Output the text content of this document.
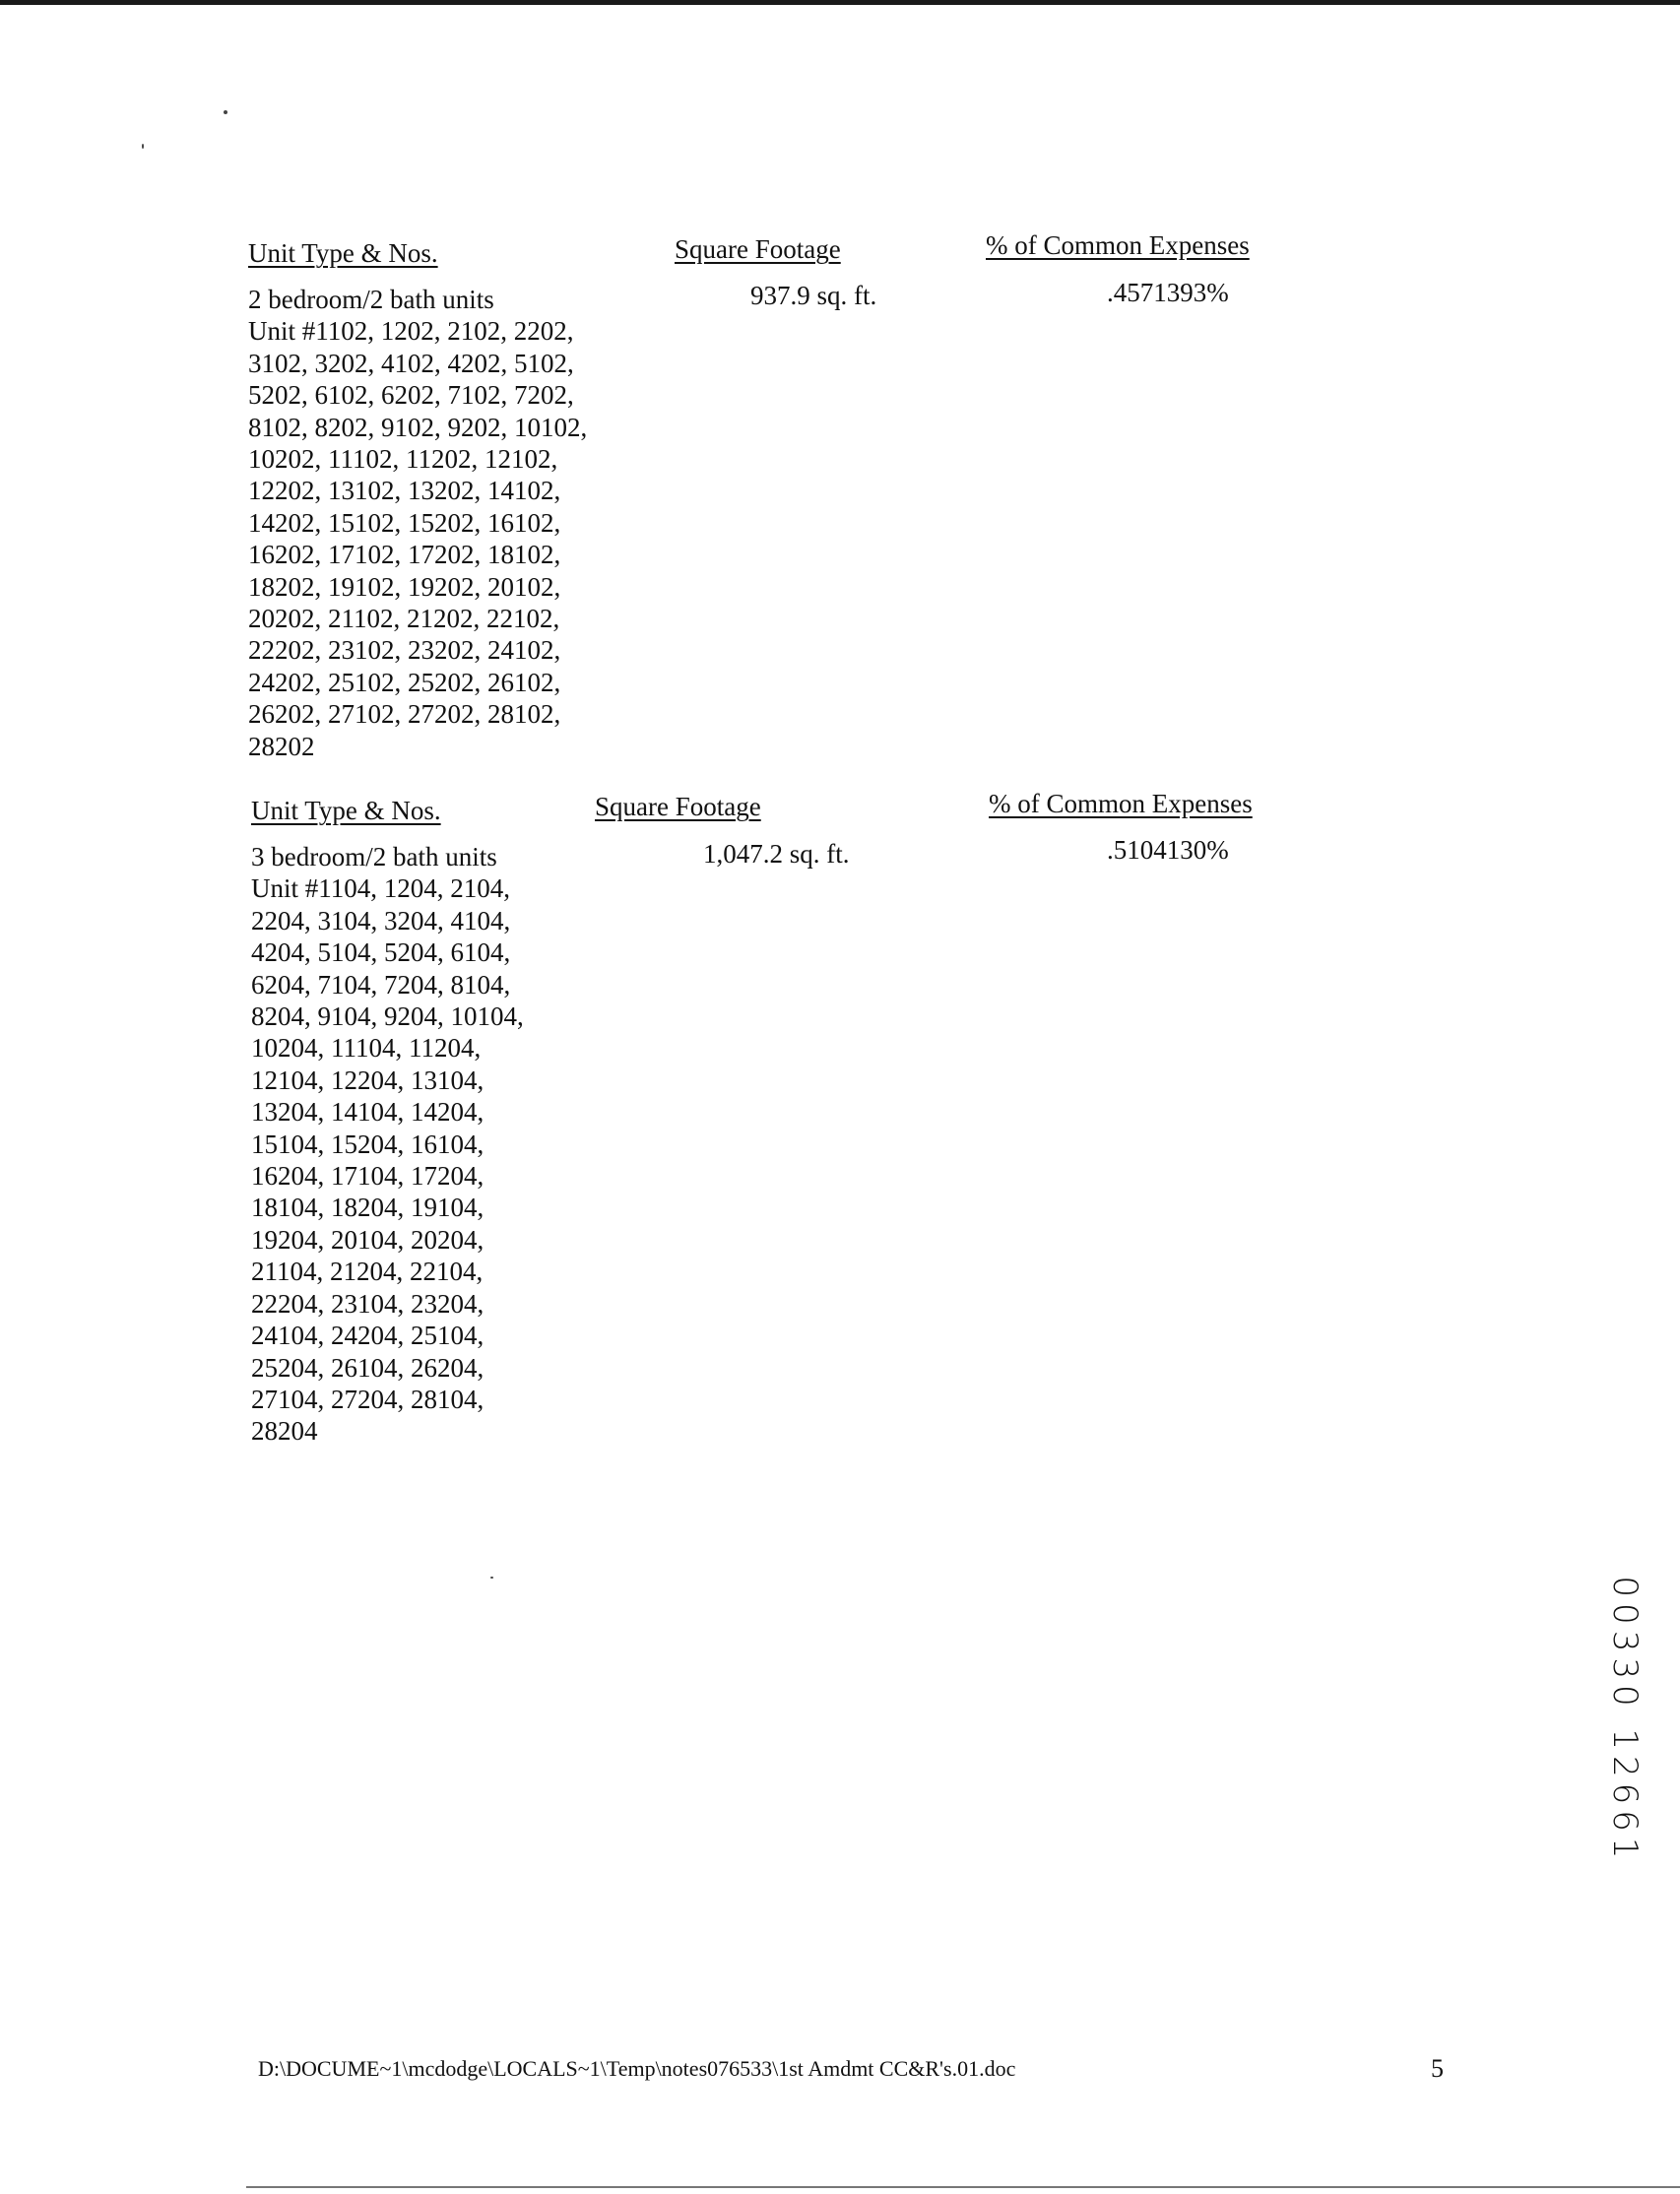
Unit Type & Nos.	Square Footage	% of Common Expenses
2 bedroom/2 bath units
Unit #1102, 1202, 2102, 2202,
3102, 3202, 4102, 4202, 5102,
5202, 6102, 6202, 7102, 7202,
8102, 8202, 9102, 9202, 10102,
10202, 11102, 11202, 12102,
12202, 13102, 13202, 14102,
14202, 15102, 15202, 16102,
16202, 17102, 17202, 18102,
18202, 19102, 19202, 20102,
20202, 21102, 21202, 22102,
22202, 23102, 23202, 24102,
24202, 25102, 25202, 26102,
26202, 27102, 27202, 28102,
28202
937.9 sq. ft.	.4571393%
Unit Type & Nos.	Square Footage	% of Common Expenses
3 bedroom/2 bath units
Unit #1104, 1204, 2104,
2204, 3104, 3204, 4104,
4204, 5104, 5204, 6104,
6204, 7104, 7204, 8104,
8204, 9104, 9204, 10104,
10204, 11104, 11204,
12104, 12204, 13104,
13204, 14104, 14204,
15104, 15204, 16104,
16204, 17104, 17204,
18104, 18204, 19104,
19204, 20104, 20204,
21104, 21204, 22104,
22204, 23104, 23204,
24104, 24204, 25104,
25204, 26104, 26204,
27104, 27204, 28104,
28204
1,047.2 sq. ft.	.5104130%
00330 12661
D:\DOCUME~1\mcdodge\LOCALS~1\Temp\notes076533\1st Amdmt CC&R's.01.doc	5
